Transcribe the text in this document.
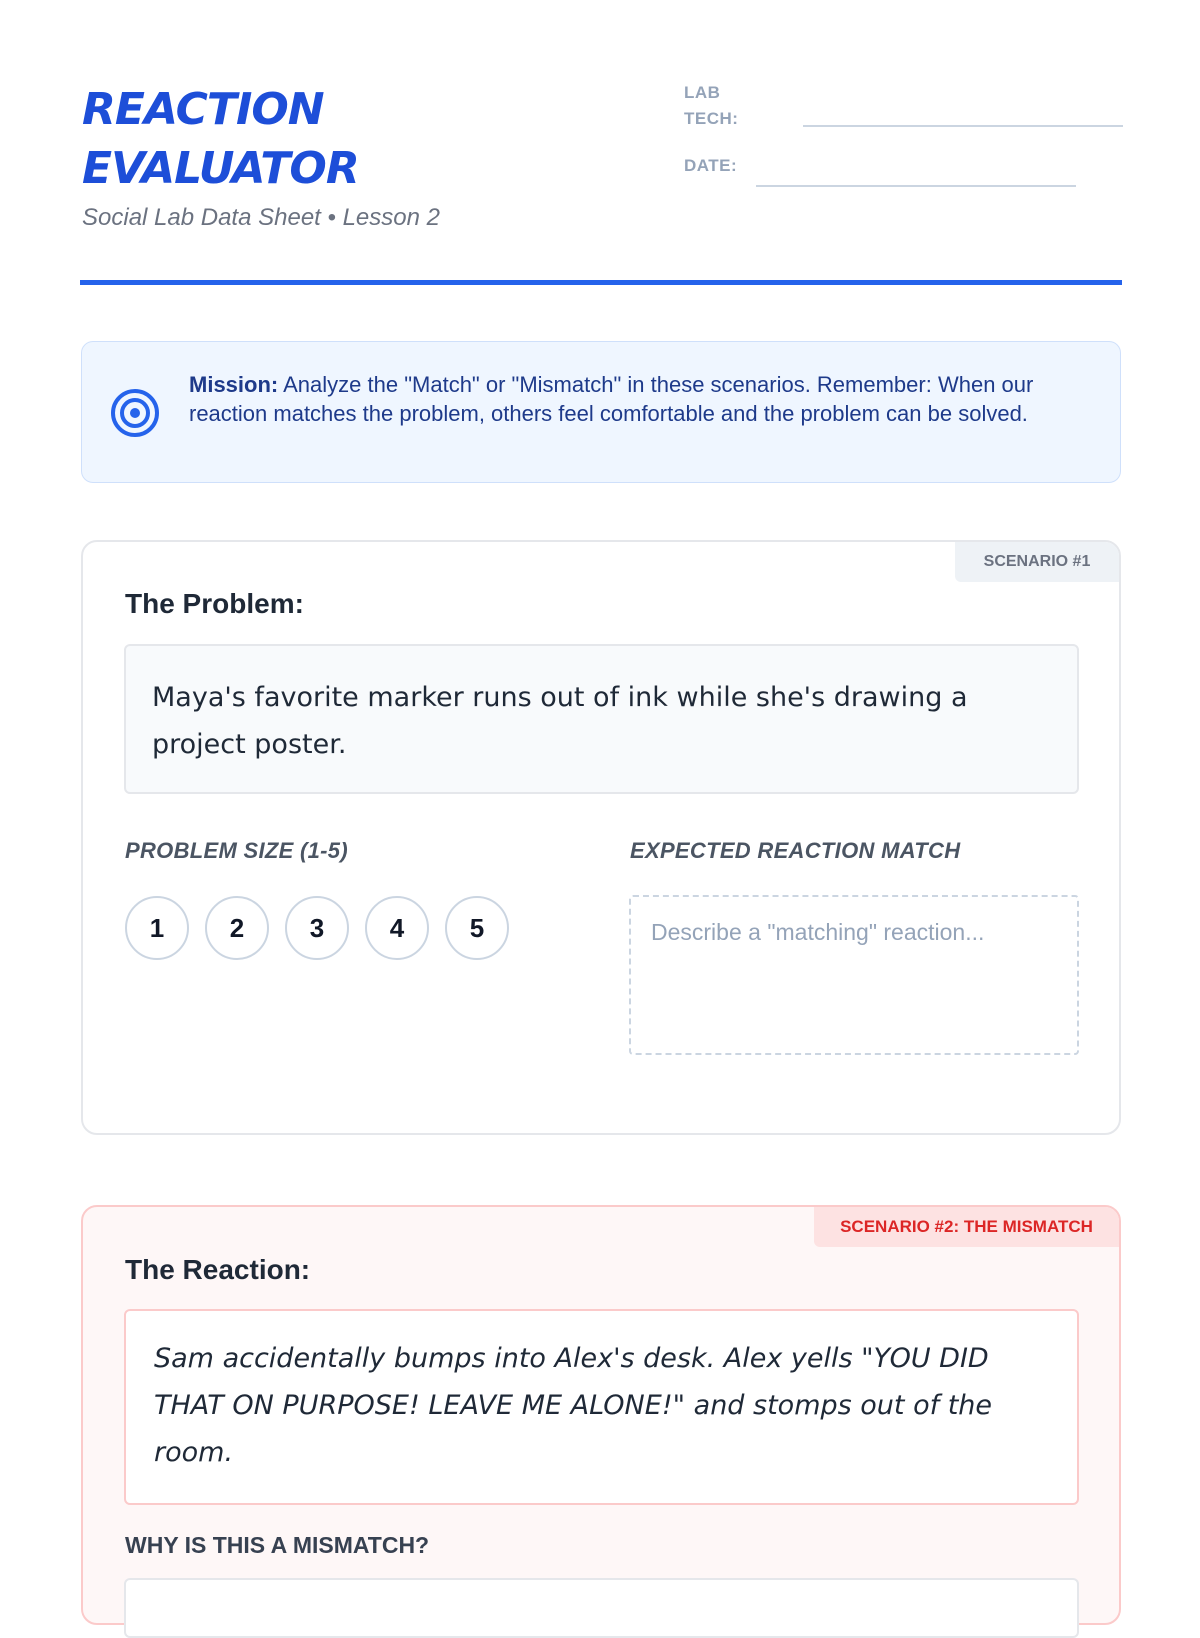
REACTION
EVALUATOR
Social Lab Data Sheet • Lesson 2
LAB
TECH:
DATE:
Mission: Analyze the "Match" or "Mismatch" in these scenarios. Remember: When our reaction matches the problem, others feel comfortable and the problem can be solved.
SCENARIO #1
The Problem:
Maya's favorite marker runs out of ink while she's drawing a project poster.
PROBLEM SIZE (1-5)	EXPECTED REACTION MATCH
1	2	3	4	5	Describe a "matching" reaction...
SCENARIO #2: THE MISMATCH
The Reaction:
Sam accidentally bumps into Alex's desk. Alex yells "YOU DID THAT ON PURPOSE! LEAVE ME ALONE!" and stomps out of the room.
WHY IS THIS A MISMATCH?
